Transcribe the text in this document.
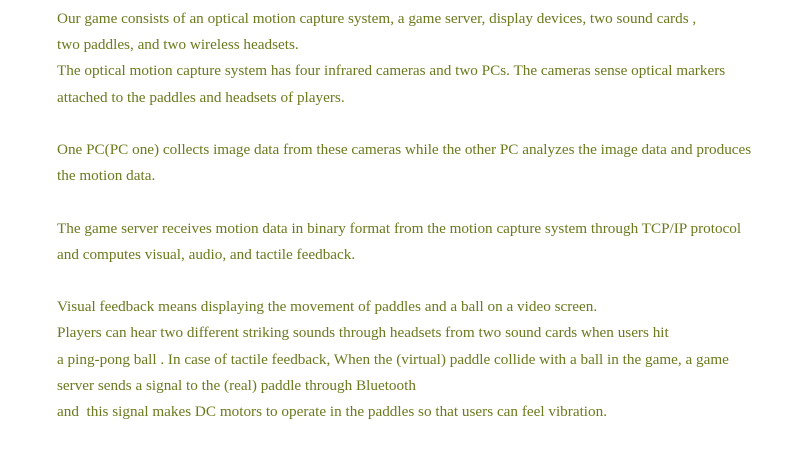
Our game consists of an optical motion capture system, a game server, display devices, two sound cards ,
two paddles, and two wireless headsets.
The optical motion capture system has four infrared cameras and two PCs. The cameras sense optical markers
attached to the paddles and headsets of players.

One PC(PC one) collects image data from these cameras while the other PC analyzes the image data and produces
the motion data.

The game server receives motion data in binary format from the motion capture system through TCP/IP protocol
and computes visual, audio, and tactile feedback.

Visual feedback means displaying the movement of paddles and a ball on a video screen.
Players can hear two different striking sounds through headsets from two sound cards when users hit
a ping-pong ball . In case of tactile feedback, When the (virtual) paddle collide with a ball in the game, a game
server sends a signal to the (real) paddle through Bluetooth
and  this signal makes DC motors to operate in the paddles so that users can feel vibration.
